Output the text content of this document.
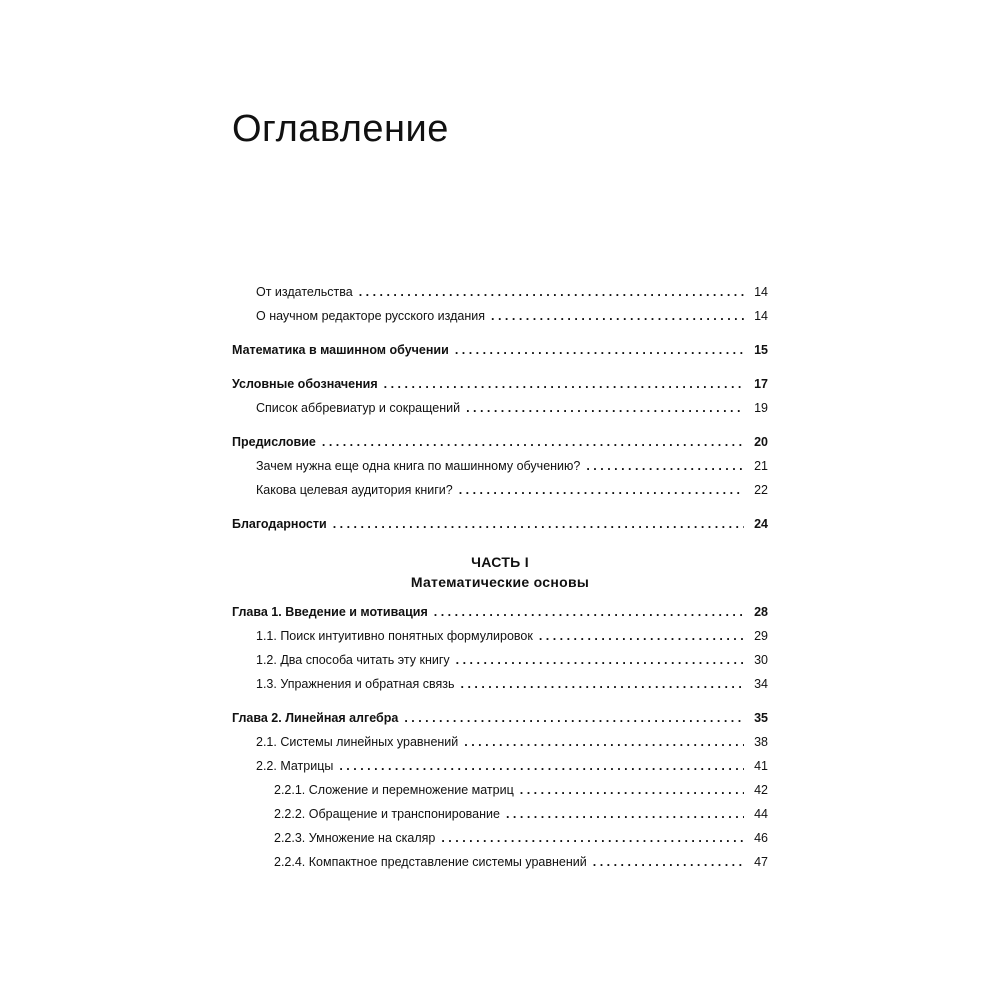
Оглавление
От издательства . . .	14
О научном редакторе русского издания . . .	14
Математика в машинном обучении . . .	15
Условные обозначения . . .	17
Список аббревиатур и сокращений . . .	19
Предисловие . . .	20
Зачем нужна еще одна книга по машинному обучению? . . .	21
Какова целевая аудитория книги? . . .	22
Благодарности . . .	24
ЧАСТЬ I
Математические основы
Глава 1. Введение и мотивация . . .	28
1.1. Поиск интуитивно понятных формулировок . . .	29
1.2. Два способа читать эту книгу . . .	30
1.3. Упражнения и обратная связь . . .	34
Глава 2. Линейная алгебра . . .	35
2.1. Системы линейных уравнений . . .	38
2.2. Матрицы . . .	41
2.2.1. Сложение и перемножение матриц . . .	42
2.2.2. Обращение и транспонирование . . .	44
2.2.3. Умножение на скаляр . . .	46
2.2.4. Компактное представление системы уравнений . . .	47
